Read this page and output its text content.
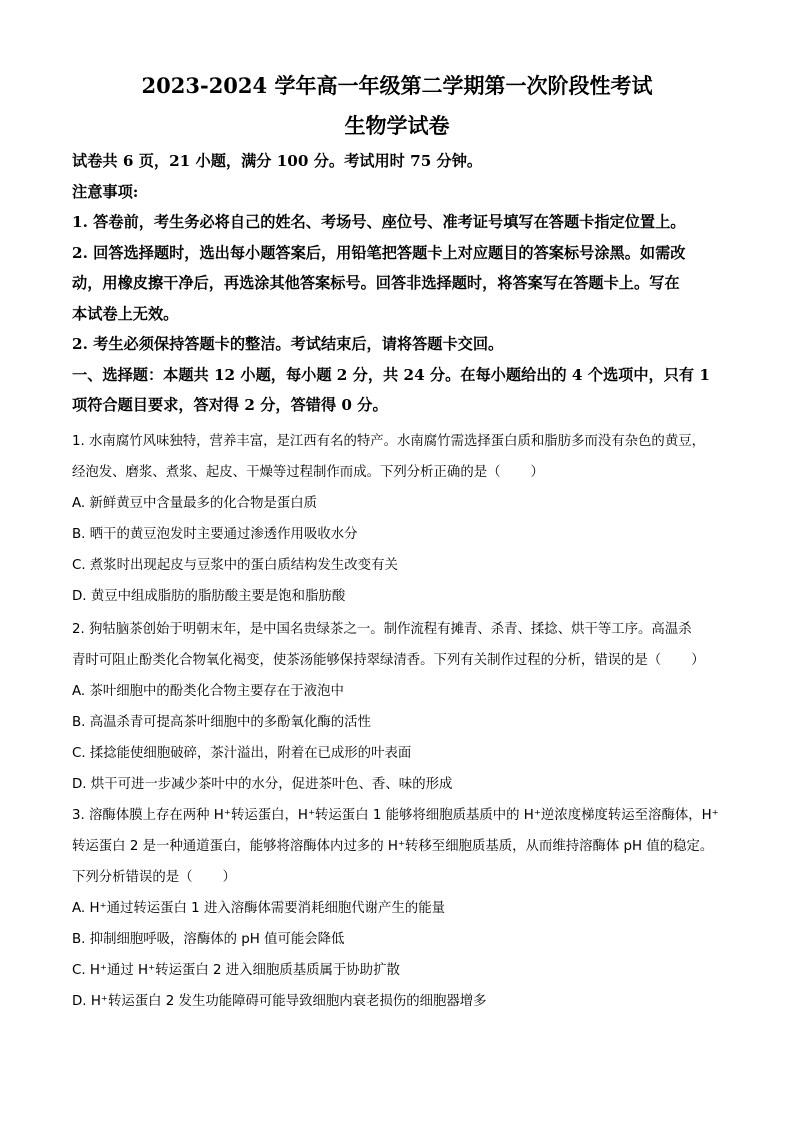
2023-2024 学年高一年级第二学期第一次阶段性考试
生物学试卷
试卷共 6 页，21 小题，满分 100 分。考试用时 75 分钟。
注意事项:
1. 答卷前，考生务必将自己的姓名、考场号、座位号、准考证号填写在答题卡指定位置上。
2. 回答选择题时，选出每小题答案后，用铅笔把答题卡上对应题目的答案标号涂黑。如需改
动，用橡皮擦干净后，再选涂其他答案标号。回答非选择题时，将答案写在答题卡上。写在
本试卷上无效。
2. 考生必须保持答题卡的整洁。考试结束后，请将答题卡交回。
一、选择题：本题共 12 小题，每小题 2 分，共 24 分。在每小题给出的 4 个选项中，只有 1
项符合题目要求，答对得 2 分，答错得 0 分。
1. 水南腐竹风味独特，营养丰富，是江西有名的特产。水南腐竹需选择蛋白质和脂肪多而没有杂色的黄豆，
经泡发、磨浆、煮浆、起皮、干燥等过程制作而成。下列分析正确的是（ ）
A. 新鲜黄豆中含量最多的化合物是蛋白质
B. 晒干的黄豆泡发时主要通过渗透作用吸收水分
C. 煮浆时出现起皮与豆浆中的蛋白质结构发生改变有关
D. 黄豆中组成脂肪的脂肪酸主要是饱和脂肪酸
2. 狗牯脑茶创始于明朝末年，是中国名贵绿茶之一。制作流程有摊青、杀青、揉捻、烘干等工序。高温杀
青时可阻止酚类化合物氧化褐变，使茶汤能够保持翠绿清香。下列有关制作过程的分析，错误的是（ ）
A. 茶叶细胞中的酚类化合物主要存在于液泡中
B. 高温杀青可提高茶叶细胞中的多酚氧化酶的活性
C. 揉捻能使细胞破碎，茶汁溢出，附着在已成形的叶表面
D. 烘干可进一步减少茶叶中的水分，促进茶叶色、香、味的形成
3. 溶酶体膜上存在两种 H⁺转运蛋白，H⁺转运蛋白 1 能够将细胞质基质中的 H⁺逆浓度梯度转运至溶酶体，H⁺
转运蛋白 2 是一种通道蛋白，能够将溶酶体内过多的 H⁺转移至细胞质基质，从而维持溶酶体 pH 值的稳定。
下列分析错误的是（ ）
A. H⁺通过转运蛋白 1 进入溶酶体需要消耗细胞代谢产生的能量
B. 抑制细胞呼吸，溶酶体的 pH 值可能会降低
C. H⁺通过 H⁺转运蛋白 2 进入细胞质基质属于协助扩散
D. H⁺转运蛋白 2 发生功能障碍可能导致细胞内衰老损伤的细胞器增多
